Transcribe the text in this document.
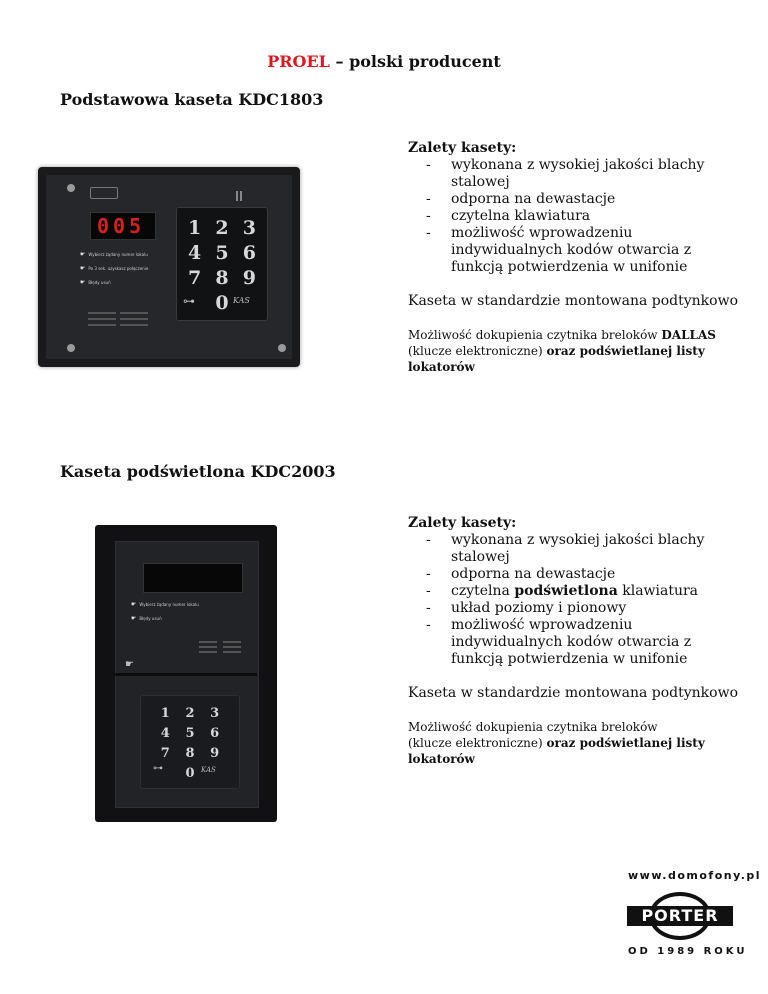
PROEL – polski producent
Podstawowa kaseta KDC1803
005
☛ Wybierz żądany numer lokalu
☛ Po 3 sek. uzyskasz połączenie
☛ Błędy usuń
1 2 3
4 5 6
7 8 9
0
⊶	KAS
Zalety kasety:
- wykonana z wysokiej jakości blachy stalowej
- odporna na dewastacje
- czytelna klawiatura
- możliwość wprowadzeniu indywidualnych kodów otwarcia z funkcją potwierdzenia w unifonie
Kaseta w standardzie montowana podtynkowo
Możliwość dokupienia czytnika breloków DALLAS (klucze elektroniczne) oraz podświetlanej listy lokatorów
Kaseta podświetlona KDC2003
☛ Wybierz żądany numer lokalu
☛ Błędy usuń
☛
1	2	3
4	5	6
7	8	9
0
⊶	KAS
Zalety kasety:
- wykonana z wysokiej jakości blachy stalowej
- odporna na dewastacje
- czytelna podświetlona klawiatura
- układ poziomy i pionowy
- możliwość wprowadzeniu indywidualnych kodów otwarcia z funkcją potwierdzenia w unifonie
Kaseta w standardzie montowana podtynkowo
Możliwość dokupienia czytnika breloków
(klucze elektroniczne) oraz podświetlanej listy lokatorów
www.domofony.pl
PORTER
OD 1989 ROKU
